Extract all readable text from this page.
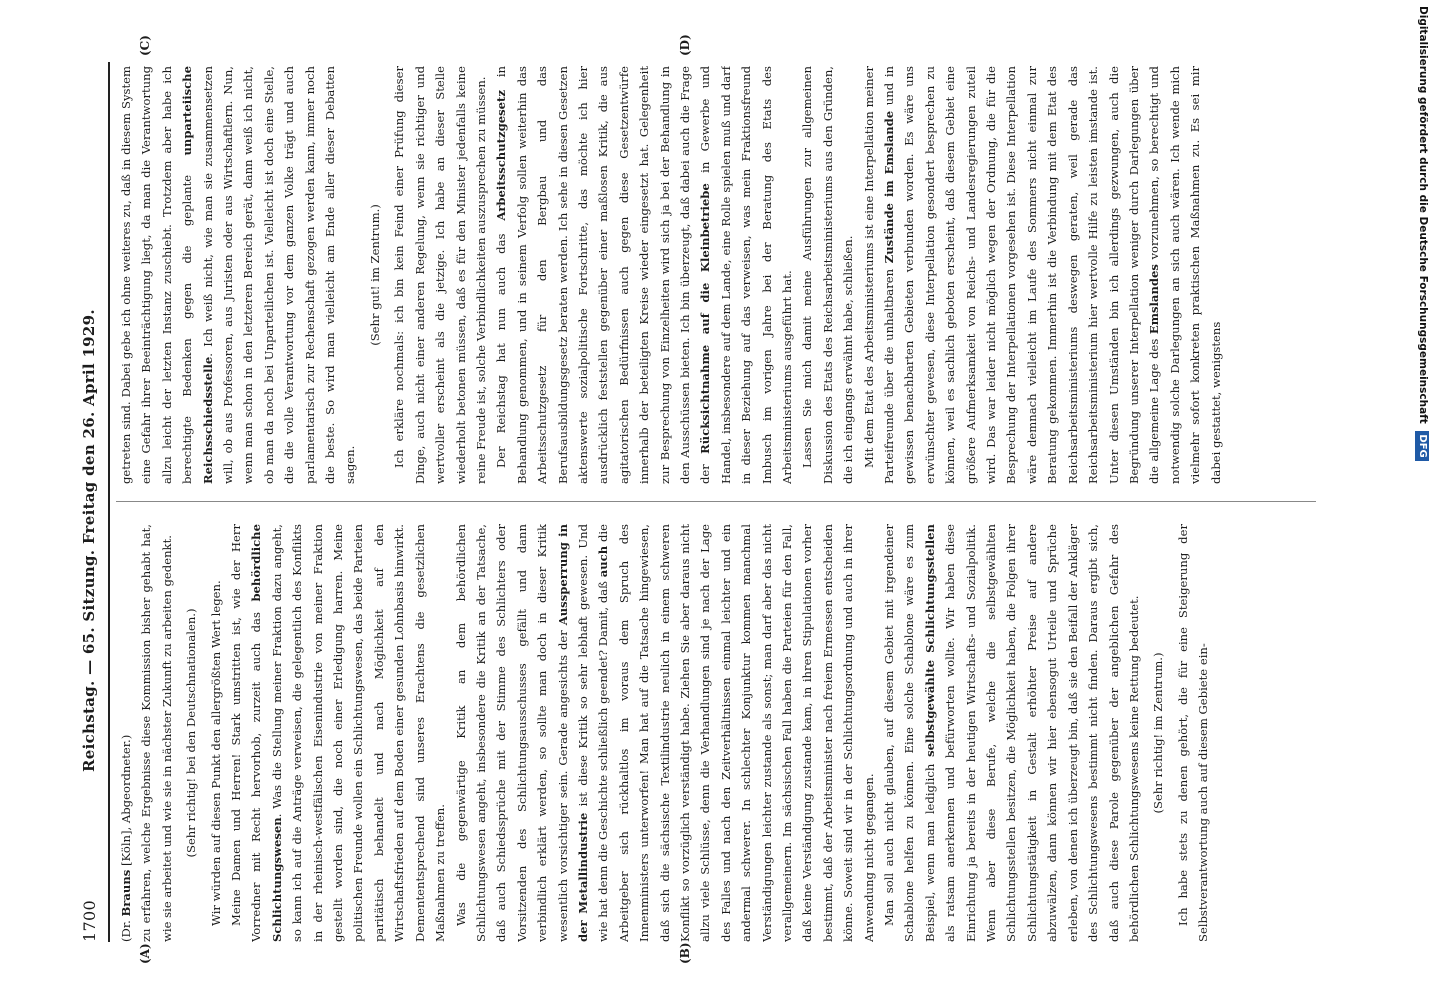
1700
Reichstag. — 65. Sitzung. Freitag den 26. April 1929.
(A)	(B)
(C)	(D)

(Dr. Brauns [Köln], Abgeordneter.) zu erfahren, welche Ergebnisse diese Kommission bisher gehabt hat, wie sie arbeitet und wie sie in nächster Zukunft zu arbeiten gedenkt. (Sehr richtig! bei den Deutschnationalen.) Wir würden auf diesen Punkt den allergrößten Wert legen. Meine Damen und Herren! Stark umstritten ist, wie der Herr Vorredner mit Recht hervorhob, zurzeit auch das behördliche Schlichtungswesen. Was die Stellung meiner Fraktion dazu angeht, so kann ich auf die Anträge verweisen, die gelegentlich des Konflikts in der rheinisch-westfälischen Eisenindustrie von meiner Fraktion gestellt worden sind, die noch einer Erledigung harren. Meine politischen Freunde wollen ein Schlichtungswesen, das beide Parteien paritätisch behandelt und nach Möglichkeit auf den Wirtschaftsfrieden auf dem Boden einer gesunden Lohnbasis hinwirkt. Demententsprechend sind unseres Erachtens die gesetzlichen Maßnahmen zu treffen. Was die gegenwärtige Kritik an dem behördlichen Schlichtungswesen angeht, insbesondere die Kritik an der Tatsache, daß auch Schiedssprüche mit der Stimme des Schlichters oder Vorsitzenden des Schlichtungsausschusses gefällt und dann verbindlich erklärt werden, so sollte man doch in dieser Kritik wesentlich vorsichtiger sein. Gerade angesichts der Aussperrung in der Metallindustrie ist diese Kritik so sehr lebhaft gewesen. Und wie hat denn die Geschichte schließlich geendet? Damit, daß auch die Arbeitgeber sich rückhaltlos im voraus dem Spruch des Innenministers unterworfen! Man hat auf die Tatsache hingewiesen, daß sich die sächsische Textilindustrie neulich in einem schweren Konflikt so vorzüglich verständigt habe. Ziehen Sie aber daraus nicht allzu viele Schlüsse, denn die Verhandlungen sind je nach der Lage des Falles und nach den Zeitverhältnissen einmal leichter und ein andermal schwerer. In schlechter Konjunktur kommen manchmal Verständigungen leichter zustande als sonst; man darf aber das nicht verallgemeinern. Im sächsischen Fall haben die Parteien für den Fall, daß keine Verständigung zustande kam, in ihren Stipulationen vorher bestimmt, daß der Arbeitsminister nach freiem Ermessen entscheiden könne. Soweit sind wir in der Schlichtungsordnung und auch in ihrer Anwendung nicht gegangen. Man soll auch nicht glauben, auf diesem Gebiet mit irgendeiner Schablone helfen zu können. Eine solche Schablone wäre es zum Beispiel, wenn man lediglich selbstgewählte Schlichtungsstellen als ratsam anerkennen und befürworten wollte. Wir haben diese Einrichtung ja bereits in der heutigen Wirtschafts- und Sozialpolitik. Wenn aber diese Berufe, welche die selbstgewählten Schlichtungsstellen besitzen, die Möglichkeit haben, die Folgen ihrer Schlichtungstätigkeit in Gestalt erhöhter Preise auf andere abzuwälzen, dann können wir hier ebensogut Urteile und Sprüche erleben, von denen ich überzeugt bin, daß sie den Beifall der Ankläger des Schlichtungswesens bestimmt nicht finden. Daraus ergibt sich, daß auch diese Parole gegenüber der angeblichen Gefahr des behördlichen Schlichtungswesens keine Rettung bedeutet. (Sehr richtig! im Zentrum.) Ich habe stets zu denen gehört, die für eine Steigerung der Selbstverantwortung auch auf diesem Gebiete ein-

getreten sind. Dabei gebe ich ohne weiteres zu, daß in diesem System eine Gefahr ihrer Beeinträchtigung liegt, da man die Verantwortung allzu leicht der letzten Instanz zuschiebt. Trotzdem aber habe ich berechtigte Bedenken gegen die geplante unparteiische Reichsschiedsstelle. Ich weiß nicht, wie man sie zusammensetzen will, ob aus Professoren, aus Juristen oder aus Wirtschaftlern. Nun, wenn man schon in den letzteren Bereich gerät, dann weiß ich nicht, ob man da noch bei Unparteilichen ist. Vielleicht ist doch eine Stelle, die die volle Verantwortung vor dem ganzen Volke trägt und auch parlamentarisch zur Rechenschaft gezogen werden kann, immer noch die beste. So wird man vielleicht am Ende aller dieser Debatten sagen.

(Sehr gut! im Zentrum.) Ich erkläre nochmals: ich bin kein Feind einer Prüfung dieser Dinge, auch nicht einer anderen Regelung, wenn sie richtiger und wertvoller erscheint als die jetzige. Ich habe an dieser Stelle wiederholt betonen müssen, daß es für den Minister jedenfalls keine reine Freude ist, solche Verbindlichkeiten auszusprechen zu müssen. Der Reichstag hat nun auch das Arbeitsschutzgesetz in Behandlung genommen, und in seinem Verfolg sollen weiterhin das Arbeitsschutzgesetz für den Bergbau und das Berufsausbildungsgesetz beraten werden. Ich sehe in diesen Gesetzen aktenswerte sozialpolitische Fortschritte, das möchte ich hier ausdrücklich feststellen gegenüber einer maßlosen Kritik, die aus agitatorischen Bedürfnissen auch gegen diese Gesetzentwürfe innerhalb der beteiligten Kreise wieder eingesetzt hat. Gelegenheit zur Besprechung von Einzelheiten wird sich ja bei der Behandlung in den Ausschüssen bieten. Ich bin überzeugt, daß dabei auch die Frage der Rücksichtnahme auf die Kleinbetriebe in Gewerbe und Handel, insbesondere auf dem Lande, eine Rolle spielen muß und darf in dieser Beziehung auf das verweisen, was mein Fraktionsfreund Imbusch im vorigen Jahre bei der Beratung des Etats des Arbeitsministeriums ausgeführt hat. Lassen Sie mich damit meine Ausführungen zur allgemeinen Diskussion des Etats des Reichsarbeitsministeriums aus den Gründen, die ich eingangs erwähnt habe, schließen. Mit dem Etat des Arbeitsministeriums ist eine Interpellation meiner Parteifreunde über die unhaltbaren Zustände im Emslande und in gewissen benachbarten Gebieten verbunden worden. Es wäre uns erwünschter gewesen, diese Interpellation gesondert besprechen zu können, weil es sachlich geboten erscheint, daß diesem Gebiet eine größere Aufmerksamkeit von Reichs- und Landesregierungen zuteil wird. Das war leider nicht möglich wegen der Ordnung, die für die Besprechung der Interpellationen vorgesehen ist. Diese Interpellation wäre demnach vielleicht im Laufe des Sommers nicht einmal zur Beratung gekommen. Immerhin ist die Verbindung mit dem Etat des Reichsarbeitsministeriums deswegen geraten, weil gerade das Reichsarbeitsministerium hier wertvolle Hilfe zu leisten imstande ist. Unter diesen Umständen bin ich allerdings gezwungen, auch die Begründung unserer Interpellation weniger durch Darlegungen über die allgemeine Lage des Emslandes vorzunehmen, so berechtigt und notwendig solche Darlegungen an sich auch wären. Ich wende mich vielmehr sofort konkreten praktischen Maßnahmen zu. Es sei mir dabei gestattet, wenigstens	Digitalisierung gefördert durch die Deutsche Forschungsgemeinschaft DFG
